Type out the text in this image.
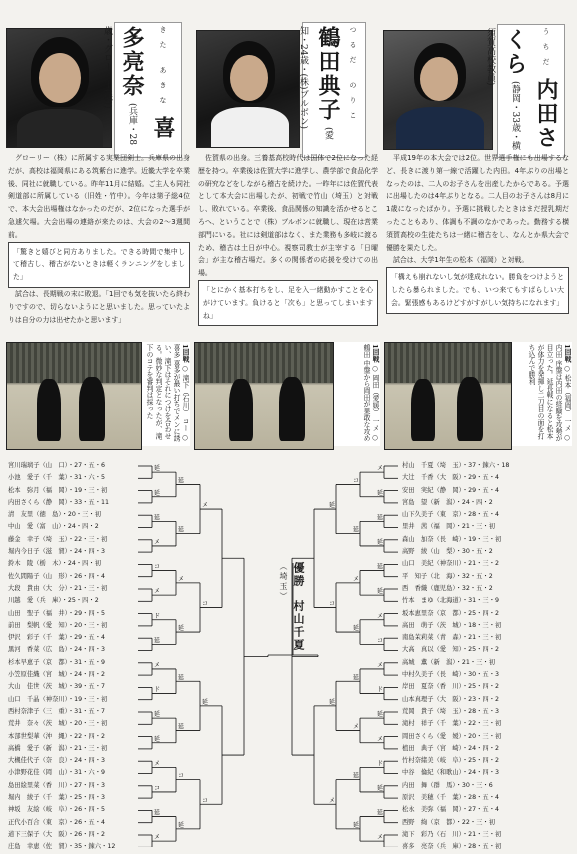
きた あきな 喜多亮奈 (兵庫・28歳・グローリー(株))	つるだ のりこ 鶴田典子 (愛知・24歳・(株)ブルボン)	うちだ 内田さくら (静岡・33歳・横須賀高校教員)

グローリー（株）に所属する実業団剣士。兵庫県の出身だが、高校は福岡県にある筑紫台に進学。近畿大学を卒業後、同社に就職している。昨年11月に結婚。ご主人も同社剣道部に所属している（旧姓・竹中）。今年は第子総4位で、本大会出場権はなかったのだが、2位になった選手が急遽欠場。大会出場の連絡が来たのは、大会の2～3週間前。

「驚きと嬉びと同方ありました。できる時間で集中して稽古し、稽古がないときは軽くランニングをしました」

試合は、長期戦の末に敗退。「1回でも気を抜いたら終わりですので、切らないようにと思いました。思っていたよりは自分の力は出せたかと思います」

佐賀県の出身。三養基高校時代は国体で2位になった経歴を持つ。卒業後は佐賀大学に進学し、農学部で食品化学の研究などをしながら稽古を続けた。一昨年には佐賀代表として本大会に出場したが、初戦で竹山（埼玉）と対戦し、敗れている。卒業後、食品関係の知識を活かせるところへ、ということで（株）ブルボンに就職し、現在は営業部門にいる。社には剣道部はなく、また業務も多岐に渡るため、稽古は土日が中心。視察司教士が主宰する「日曜会」が主な稽古場だ。多くの関係者の応援を受けての出場。

「とにかく基本打ちをし、足を入一緒動かすことを心がけています。負けると「次も」と思ってしまいますね」

平成19年の本大会では2位。世界選手権にも出場するなど、長きに渡り第一線で活躍した内田。4年ぶりの出場となったのは、二人のお子さんを出産したからである。予選に出場したのは4年ぶりとなる。二人目のお子さんは8月に1歳になったばかり。予選に挑戦したときはまだ授乳期だったこともあり、体調も不調のなかであった。勤務する横須賀高校の生徒たちは一緒に稽古をし、なんとか県大会で優勝を果たした。

試合は、大学1年生の松本（福岡）と対戦。

「構えも崩れないし気が達成れない。勝負をつけようとしたら暴られました。でも、いつ来てもすばらしい大会。緊張感もあるけどすがすがしい気持ちになれます」

1回戦 ○ 滝下（石川） コー ○ 喜多 喜多が最い打ちでメンに誘い、滝下はそれにつけを合わせる。微妙な判定となったが、滝下のコテを審判は採った	1回戦 ○ 岡田（愛媛） 一メ ○ 鶴田 中盤から岡田が果敢な攻め
1回戦 ○ 松本（福岡） 一メ ○ 内田 序盤は内田の経験を攻勢が目立った。延長戦になると松本が体力を発揮し二刀目の面を打ち込んで勝利
宮川瑞璃子（山　口）・27・五・6
小池　愛子（千　葉）・31・六・5
松本　弥月（福　岡）・19・三・初
内田さくら（静　岡）・33・五・11
清　友里（徳　島）・20・三・初
中山　愛（富　山）・24・四・2
藤金　幸子（埼　玉）・22・三・初
堀内今日子（滋　賀）・24・四・3
鈴木　陵（栃　木）・24・四・初
佐久間陽子（山　形）・26・四・4
大段　貴由（大　分）・21・三・初
川越　愛（兵　庫）・25・四・2
山田　聖子（福　井）・29・四・5
前田　梨帆（愛　知）・20・三・初
伊沢　彩子（千　葉）・29・五・4
黒河　香菜（広　島）・24・四・3
杉本早恵子（京　都）・31・五・9
小笠原佳織（宮　城）・24・四・2
大山　佳世（茨　城）・39・五・7
山口　千晶（神奈川）・19・三・初
西村奈津子（三　重）・31・五・7
荒井　奈々（茨　城）・20・三・初
本部世梨華（沖　縄）・22・四・2
高橋　愛子（新　潟）・21・三・初
大槻佳代子（奈　良）・24・四・3
小津野花佳（岡　山）・31・六・9
島田絵里菜（香　川）・27・四・3
堀内　綾子（千　葉）・25・四・3
神坂　友絵（岐　阜）・26・四・5
正代小百合（東　京）・26・五・4
道下三保子（大　阪）・26・四・2
庄島　幸恵（佐　賀）・35・錬六・12
村山　千夏（埼　玉）・37・錬六・18
大辻　千香（大　阪）・29・五・4
安田　実紀（静　岡）・29・五・4
宮島　望（新　潟）・24・四・2
山下久美子（東　京）・28・五・4
里井　茜（福　岡）・21・三・初
森山　加奈（長　崎）・19・三・初
高野　綾（山　梨）・30・五・2
山口　美紀（神奈川）・21・三・2
平　知子（北　海）・32・五・2
西　香織（鹿児島）・32・五・2
竹本　まゆ（北海道）・31・三・9
坂本恵里奈（京　都）・25・四・2
高田　萌子（茨　城）・18・三・初
南島茉莉菜（青　森）・21・三・初
大高　真以（愛　知）・25・四・2
高城　薫（新　潟）・21・三・初
中村久美子（長　崎）・30・五・3
岸田　夏奈（香　川）・25・四・2
山本真理子（大　阪）・23・四・2
荒岡　貴子（埼　玉）・28・五・3
滝村　祥子（千　葉）・22・三・初
岡田さくら（愛　媛）・20・三・初
植田　典子（宮　崎）・24・四・2
竹村奈緒美（岐　阜）・25・四・2
中谷　倫紀（和歌山）・24・四・3
内田　舞（群　馬）・30・三・6
原沢　美穂（千　葉）・28・五・4
松永　美弥（福　岡）・27・五・4
西野　絢（京　都）・22・三・初
滝下　彩乃（石　川）・21・三・初
喜多　亮奈（兵　庫）・28・五・初
延
延
延
メ
コ
メ
ド
延
メ
ド
延
延
メ
コ
延
メ
延
延
メ
延
延
延
コ
延
メ
コ
延
コ
メ
延
延
延
延
延
メ
コ
メ
ド
延
メ
ド
延
延
メ
コ
延
メ
延
延
メ
延
延
延
コ
延
メ
優勝 村山千夏 （埼玉）
